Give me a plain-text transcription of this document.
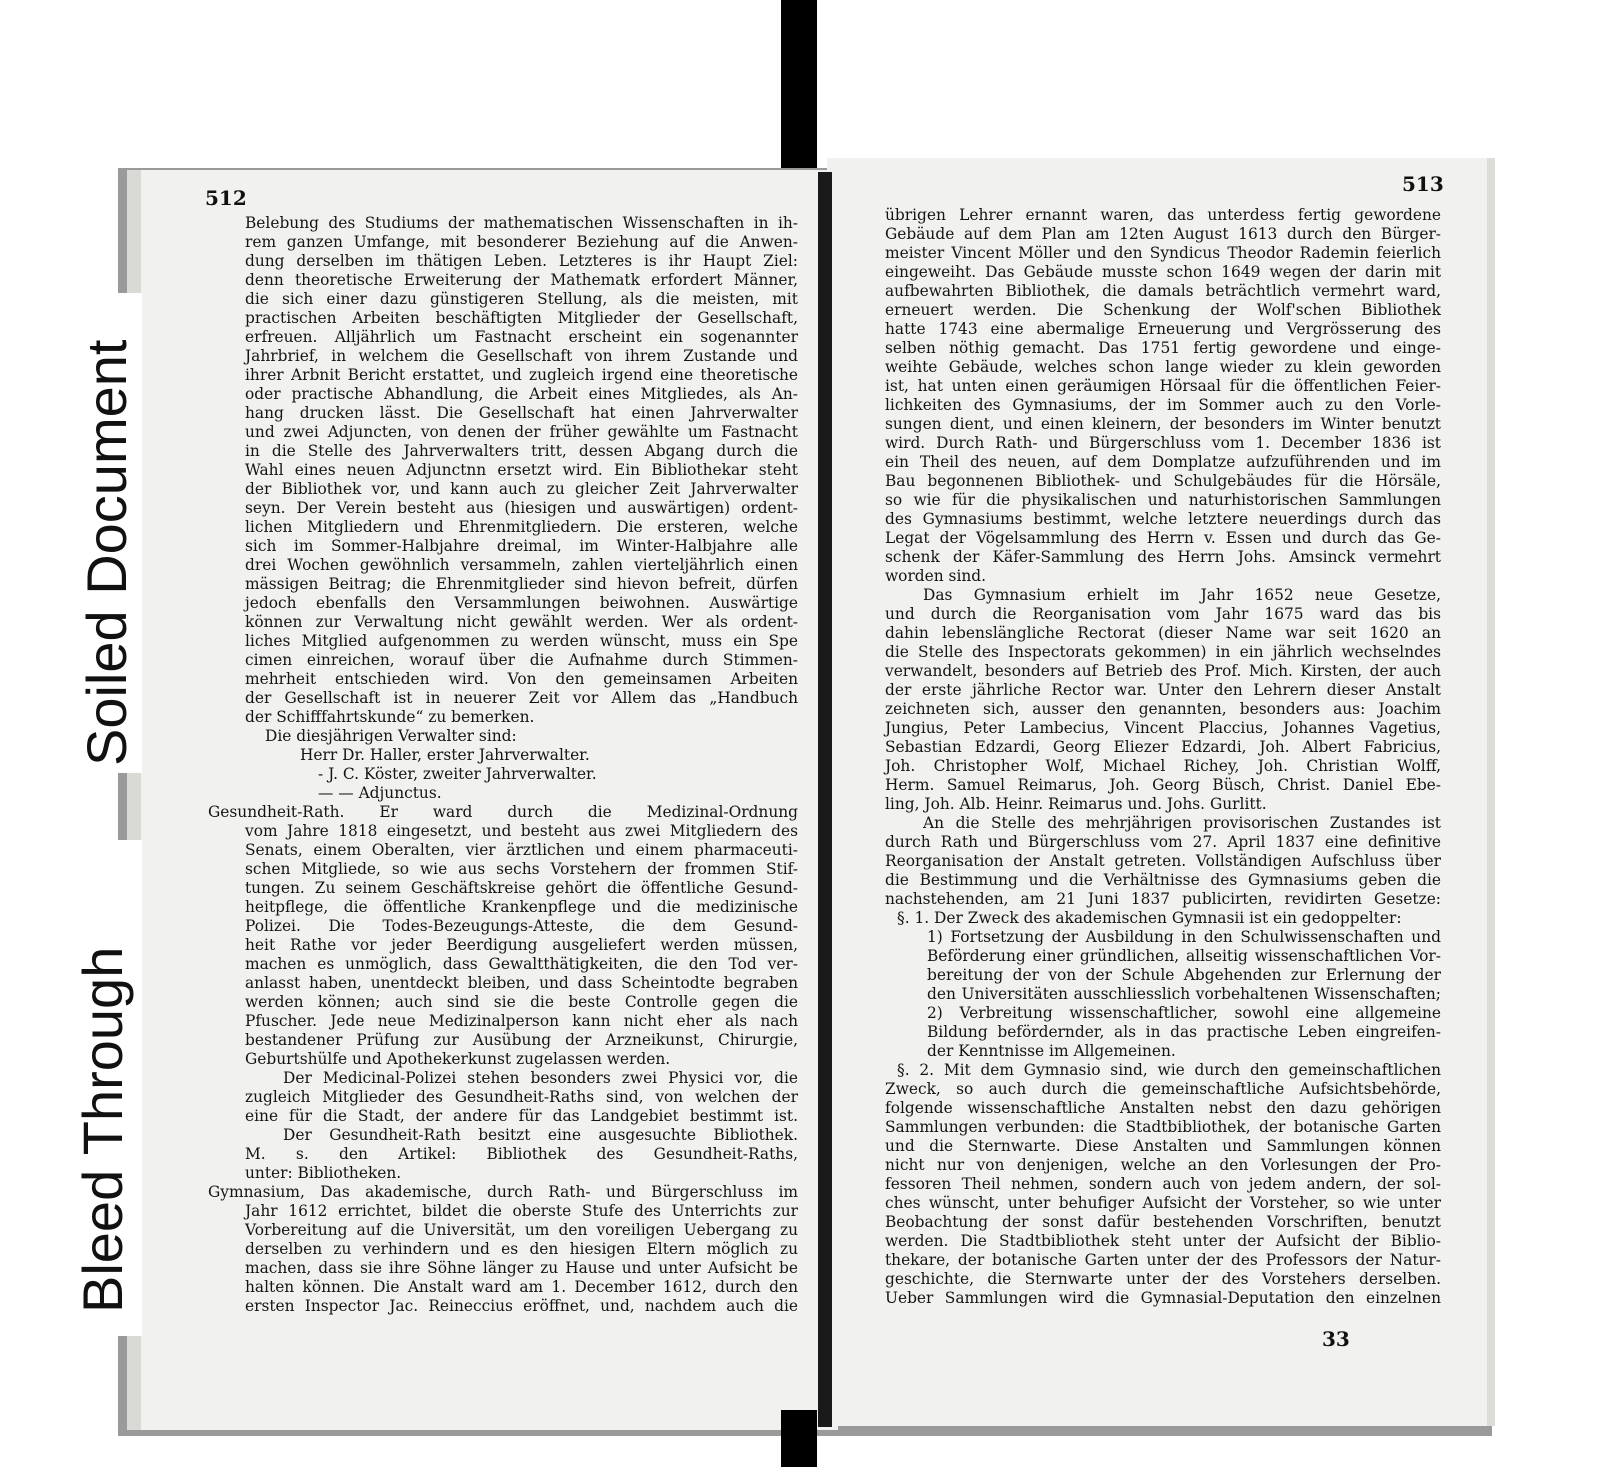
Soiled Document
Bleed Through
512
513

Belebung des Studiums der mathematischen Wissenschaften in ih-

rem ganzen Umfange, mit besonderer Beziehung auf die Anwen-

dung derselben im thätigen Leben. Letzteres is ihr Haupt Ziel:

denn theoretische Erweiterung der Mathematk erfordert Männer,

die sich einer dazu günstigeren Stellung, als die meisten, mit

practischen Arbeiten beschäftigten Mitglieder der Gesellschaft,

erfreuen. Alljährlich um Fastnacht erscheint ein sogenannter

Jahrbrief, in welchem die Gesellschaft von ihrem Zustande und

ihrer Arbnit Bericht erstattet, und zugleich irgend eine theoretische

oder practische Abhandlung, die Arbeit eines Mitgliedes, als An-

hang drucken lässt. Die Gesellschaft hat einen Jahrverwalter

und zwei Adjuncten, von denen der früher gewählte um Fastnacht

in die Stelle des Jahrverwalters tritt, dessen Abgang durch die

Wahl eines neuen Adjunctnn ersetzt wird. Ein Bibliothekar steht

der Bibliothek vor, und kann auch zu gleicher Zeit Jahrverwalter

seyn. Der Verein besteht aus (hiesigen und auswärtigen) ordent-

lichen Mitgliedern und Ehrenmitgliedern. Die ersteren, welche

sich im Sommer-Halbjahre dreimal, im Winter-Halbjahre alle

drei Wochen gewöhnlich versammeln, zahlen vierteljährlich einen

mässigen Beitrag; die Ehrenmitglieder sind hievon befreit, dürfen

jedoch ebenfalls den Versammlungen beiwohnen. Auswärtige

können zur Verwaltung nicht gewählt werden. Wer als ordent-

liches Mitglied aufgenommen zu werden wünscht, muss ein Spe

cimen einreichen, worauf über die Aufnahme durch Stimmen-

mehrheit entschieden wird. Von den gemeinsamen Arbeiten

der Gesellschaft ist in neuerer Zeit vor Allem das „Handbuch

der Schifffahrtskunde“ zu bemerken.

Die diesjährigen Verwalter sind:

Herr Dr. Haller, erster Jahrverwalter.

- J. C. Köster, zweiter Jahrverwalter.

— — Adjunctus.

Gesundheit-Rath. Er ward durch die Medizinal-Ordnung

vom Jahre 1818 eingesetzt, und besteht aus zwei Mitgliedern des

Senats, einem Oberalten, vier ärztlichen und einem pharmaceuti-

schen Mitgliede, so wie aus sechs Vorstehern der frommen Stif-

tungen. Zu seinem Geschäftskreise gehört die öffentliche Gesund-

heitpflege, die öffentliche Krankenpflege und die medizinische

Polizei. Die Todes-Bezeugungs-Atteste, die dem Gesund-

heit Rathe vor jeder Beerdigung ausgeliefert werden müssen,

machen es unmöglich, dass Gewaltthätigkeiten, die den Tod ver-

anlasst haben, unentdeckt bleiben, und dass Scheintodte begraben

werden können; auch sind sie die beste Controlle gegen die

Pfuscher. Jede neue Medizinalperson kann nicht eher als nach

bestandener Prüfung zur Ausübung der Arzneikunst, Chirurgie,

Geburtshülfe und Apothekerkunst zugelassen werden.

Der Medicinal-Polizei stehen besonders zwei Physici vor, die

zugleich Mitglieder des Gesundheit-Raths sind, von welchen der

eine für die Stadt, der andere für das Landgebiet bestimmt ist.

Der Gesundheit-Rath besitzt eine ausgesuchte Bibliothek.

M. s. den Artikel: Bibliothek des Gesundheit-Raths,

unter: Bibliotheken.

Gymnasium, Das akademische, durch Rath- und Bürgerschluss im

Jahr 1612 errichtet, bildet die oberste Stufe des Unterrichts zur

Vorbereitung auf die Universität, um den voreiligen Uebergang zu

derselben zu verhindern und es den hiesigen Eltern möglich zu

machen, dass sie ihre Söhne länger zu Hause und unter Aufsicht be

halten können. Die Anstalt ward am 1. December 1612, durch den

ersten Inspector Jac. Reineccius eröffnet, und, nachdem auch die

übrigen Lehrer ernannt waren, das unterdess fertig gewordene

Gebäude auf dem Plan am 12ten August 1613 durch den Bürger-

meister Vincent Möller und den Syndicus Theodor Rademin feierlich

eingeweiht. Das Gebäude musste schon 1649 wegen der darin mit

aufbewahrten Bibliothek, die damals beträchtlich vermehrt ward,

erneuert werden. Die Schenkung der Wolf'schen Bibliothek

hatte 1743 eine abermalige Erneuerung und Vergrösserung des

selben nöthig gemacht. Das 1751 fertig gewordene und einge-

weihte Gebäude, welches schon lange wieder zu klein geworden

ist, hat unten einen geräumigen Hörsaal für die öffentlichen Feier-

lichkeiten des Gymnasiums, der im Sommer auch zu den Vorle-

sungen dient, und einen kleinern, der besonders im Winter benutzt

wird. Durch Rath- und Bürgerschluss vom 1. December 1836 ist

ein Theil des neuen, auf dem Domplatze aufzuführenden und im

Bau begonnenen Bibliothek- und Schulgebäudes für die Hörsäle,

so wie für die physikalischen und naturhistorischen Sammlungen

des Gymnasiums bestimmt, welche letztere neuerdings durch das

Legat der Vögelsammlung des Herrn v. Essen und durch das Ge-

schenk der Käfer-Sammlung des Herrn Johs. Amsinck vermehrt

worden sind.

Das Gymnasium erhielt im Jahr 1652 neue Gesetze,

und durch die Reorganisation vom Jahr 1675 ward das bis

dahin lebenslängliche Rectorat (dieser Name war seit 1620 an

die Stelle des Inspectorats gekommen) in ein jährlich wechselndes

verwandelt, besonders auf Betrieb des Prof. Mich. Kirsten, der auch

der erste jährliche Rector war. Unter den Lehrern dieser Anstalt

zeichneten sich, ausser den genannten, besonders aus: Joachim

Jungius, Peter Lambecius, Vincent Placcius, Johannes Vagetius,

Sebastian Edzardi, Georg Eliezer Edzardi, Joh. Albert Fabricius,

Joh. Christopher Wolf, Michael Richey, Joh. Christian Wolff,

Herm. Samuel Reimarus, Joh. Georg Büsch, Christ. Daniel Ebe-

ling, Joh. Alb. Heinr. Reimarus und. Johs. Gurlitt.

An die Stelle des mehrjährigen provisorischen Zustandes ist

durch Rath und Bürgerschluss vom 27. April 1837 eine definitive

Reorganisation der Anstalt getreten. Vollständigen Aufschluss über

die Bestimmung und die Verhältnisse des Gymnasiums geben die

nachstehenden, am 21 Juni 1837 publicirten, revidirten Gesetze:

§. 1. Der Zweck des akademischen Gymnasii ist ein gedoppelter:

1) Fortsetzung der Ausbildung in den Schulwissenschaften und

Beförderung einer gründlichen, allseitig wissenschaftlichen Vor-

bereitung der von der Schule Abgehenden zur Erlernung der

den Universitäten ausschliesslich vorbehaltenen Wissenschaften;

2) Verbreitung wissenschaftlicher, sowohl eine allgemeine

Bildung befördernder, als in das practische Leben eingreifen-

der Kenntnisse im Allgemeinen.

§. 2. Mit dem Gymnasio sind, wie durch den gemeinschaftlichen

Zweck, so auch durch die gemeinschaftliche Aufsichtsbehörde,

folgende wissenschaftliche Anstalten nebst den dazu gehörigen

Sammlungen verbunden: die Stadtbibliothek, der botanische Garten

und die Sternwarte. Diese Anstalten und Sammlungen können

nicht nur von denjenigen, welche an den Vorlesungen der Pro-

fessoren Theil nehmen, sondern auch von jedem andern, der sol-

ches wünscht, unter behufiger Aufsicht der Vorsteher, so wie unter

Beobachtung der sonst dafür bestehenden Vorschriften, benutzt

werden. Die Stadtbibliothek steht unter der Aufsicht der Biblio-

thekare, der botanische Garten unter der des Professors der Natur-

geschichte, die Sternwarte unter der des Vorstehers derselben.

Ueber Sammlungen wird die Gymnasial-Deputation den einzelnen

33
